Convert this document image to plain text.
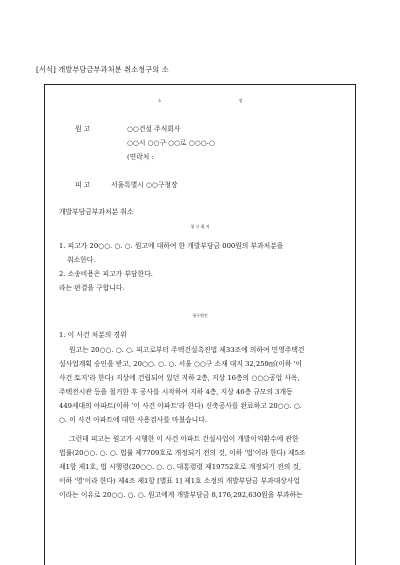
[서식] 개발부담금부과처분 취소청구의 소
소 장
원 고	○○건설 주식회사
○○시 ○○구 ○○로 ○○○-○
(연락처 :
피 고	서울특별시 ○○구청장
개발부담금부과처분 취소
청 구 취 지
1. 피고가 20○○. ○. ○. 원고에 대하여 한 개발부담금 000원의 부과처분을
취소한다.
2. 소송비용은 피고가 부담한다.
라는 판결을 구합니다.
청구원인
1. 이 사건 처분의 경위
원고는 20○○. ○. ○. 피고로부터 주택건설촉진법 제33조에 의하여 민영주택건
설사업계획 승인을 받고, 20○○. ○. ○. 서울 ○○구 소재 대지 32,259㎡(이하 '이
사건 토지'라 한다) 지상에 건립되어 있던 지하 2층, 지상 16층의 ○○○공업 사옥,
주택전시관 등을 철거한 후 공사를 시작하여 지하 4층, 지상 46층 규모의 3개동
449세대의 아파트(이하 '이 사건 아파트'라 한다) 신축공사를 완료하고 20○○. ○.
○. 이 사건 아파트에 대한 사용검사를 마쳤습니다.
그런데 피고는 원고가 시행한 이 사건 아파트 건설사업이 개발이익환수에 관한
법률(20○○. ○. ○. 법률 제7709호로 개정되기 전의 것, 이하 '법'이라 한다) 제5조
제1항 제1호, 법 시행령(20○○. ○. ○. 대통령령 제19752호로 개정되기 전의 것,
이하 '영'이라 한다) 제4조 제1항 [별표 1] 제1호 소정의 개발부담금 부과대상사업
이라는 이유로 20○○. ○. ○. 원고에게 개발부담금 8,176,292,630원을 부과하는
